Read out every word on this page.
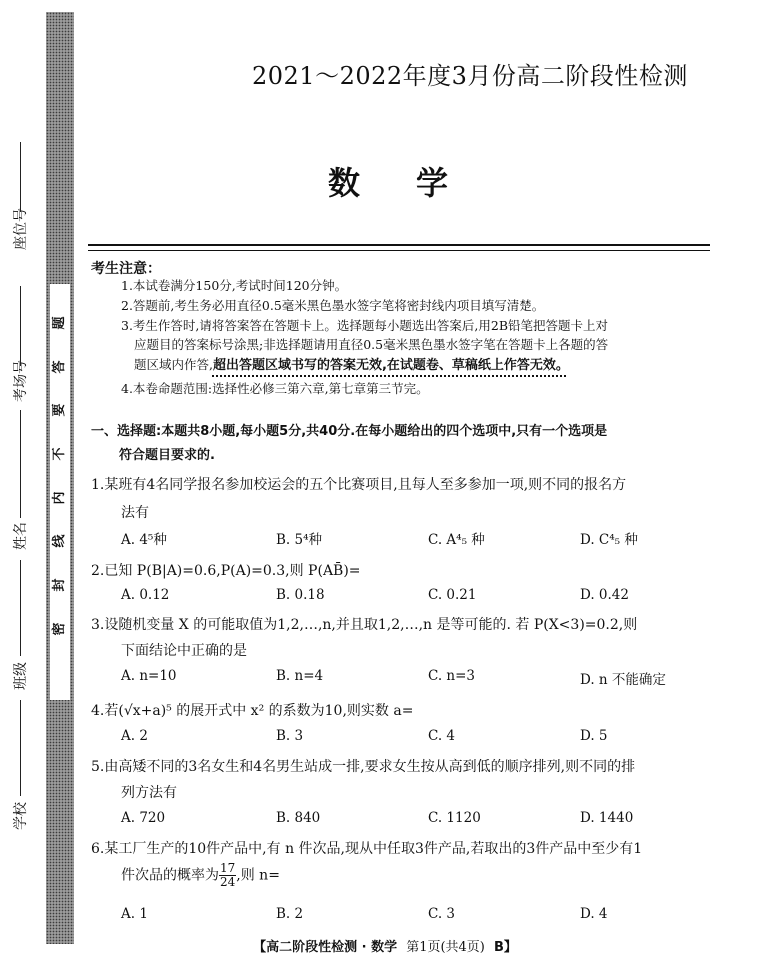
题
答
要
不
内
线
封
密
座位号
考场号
姓名
班级
学校
2021～2022年度3月份高二阶段性检测
数学
考生注意：
1.本试卷满分150分,考试时间120分钟。
2.答题前,考生务必用直径0.5毫米黑色墨水签字笔将密封线内项目填写清楚。
3.考生作答时,请将答案答在答题卡上。选择题每小题选出答案后,用2B铅笔把答题卡上对
应题目的答案标号涂黑;非选择题请用直径0.5毫米黑色墨水签字笔在答题卡上各题的答
题区域内作答,超出答题区域书写的答案无效,在试题卷、草稿纸上作答无效。
4.本卷命题范围:选择性必修三第六章,第七章第三节完。
一、选择题:本题共8小题,每小题5分,共40分.在每小题给出的四个选项中,只有一个选项是
符合题目要求的.
1.某班有4名同学报名参加校运会的五个比赛项目,且每人至多参加一项,则不同的报名方
法有
A. 4⁵种	B. 5⁴种	C. A⁴₅ 种	D. C⁴₅ 种
2.已知 P(B|A)=0.6,P(A)=0.3,则 P(AB̄)=
A. 0.12	B. 0.18	C. 0.21	D. 0.42
3.设随机变量 X 的可能取值为1,2,…,n,并且取1,2,…,n 是等可能的. 若 P(X<3)=0.2,则
下面结论中正确的是
A. n=10	B. n=4	C. n=3	D. n 不能确定
4.若(√x+a)⁵ 的展开式中 x² 的系数为10,则实数 a=
A. 2	B. 3	C. 4	D. 5
5.由高矮不同的3名女生和4名男生站成一排,要求女生按从高到低的顺序排列,则不同的排
列方法有
A. 720	B. 840	C. 1120	D. 1440
6.某工厂生产的10件产品中,有 n 件次品,现从中任取3件产品,若取出的3件产品中至少有1
件次品的概率为 $\frac{17}{24}$ ,则 n=
A. 1	B. 2	C. 3	D. 4
【高二阶段性检测 · 数学 第1页(共4页) B】
